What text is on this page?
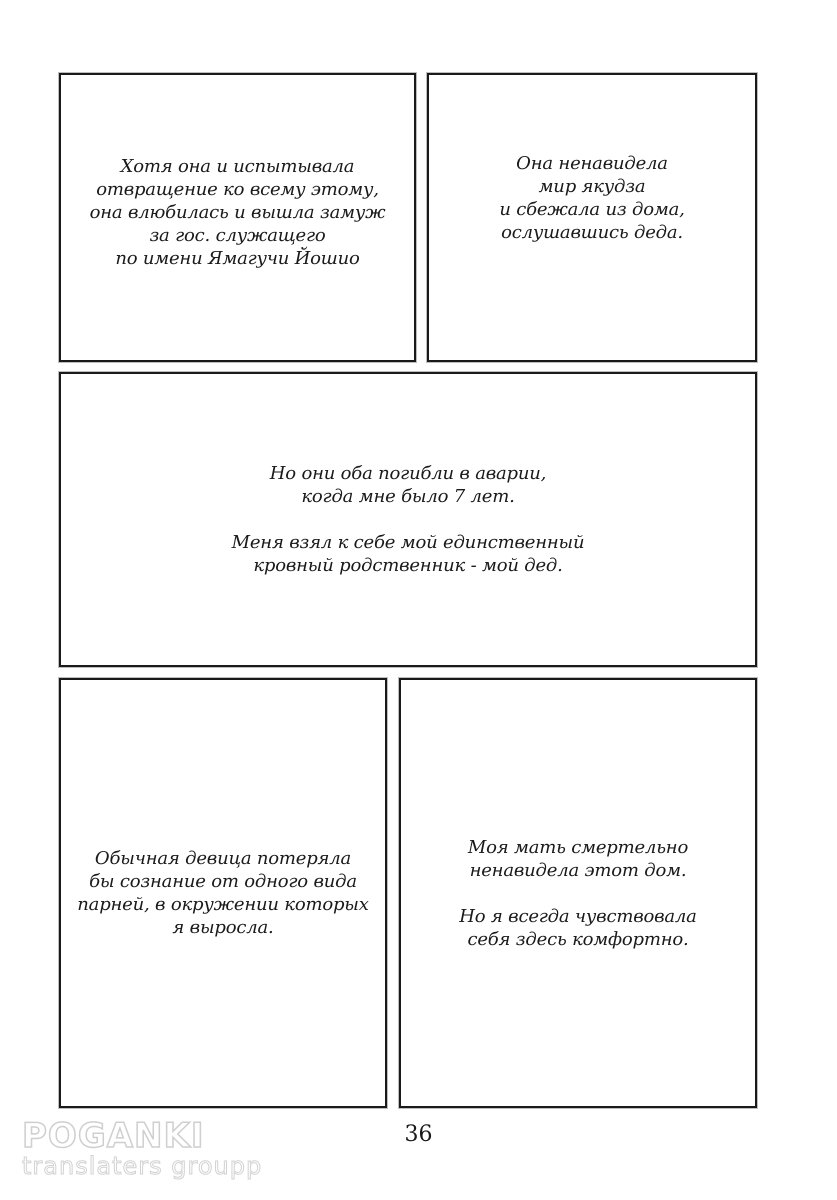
Хотя она и испытывала
отвращение ко всему этому,
она влюбилась и вышла замуж
за гос. служащего
по имени Ямагучи Йошио

Она ненавидела
мир якудза
и сбежала из дома,
ослушавшись деда.

Но они оба погибли в аварии,
когда мне было 7 лет.
Меня взял к себе мой единственный
кровный родственник - мой дед.

Обычная девица потеряла
бы сознание от одного вида
парней, в окружении которых
я выросла.

Моя мать смертельно
ненавидела этот дом.
Но я всегда чувствовала
себя здесь комфортно.

36
POGANKI
translaters groupp
